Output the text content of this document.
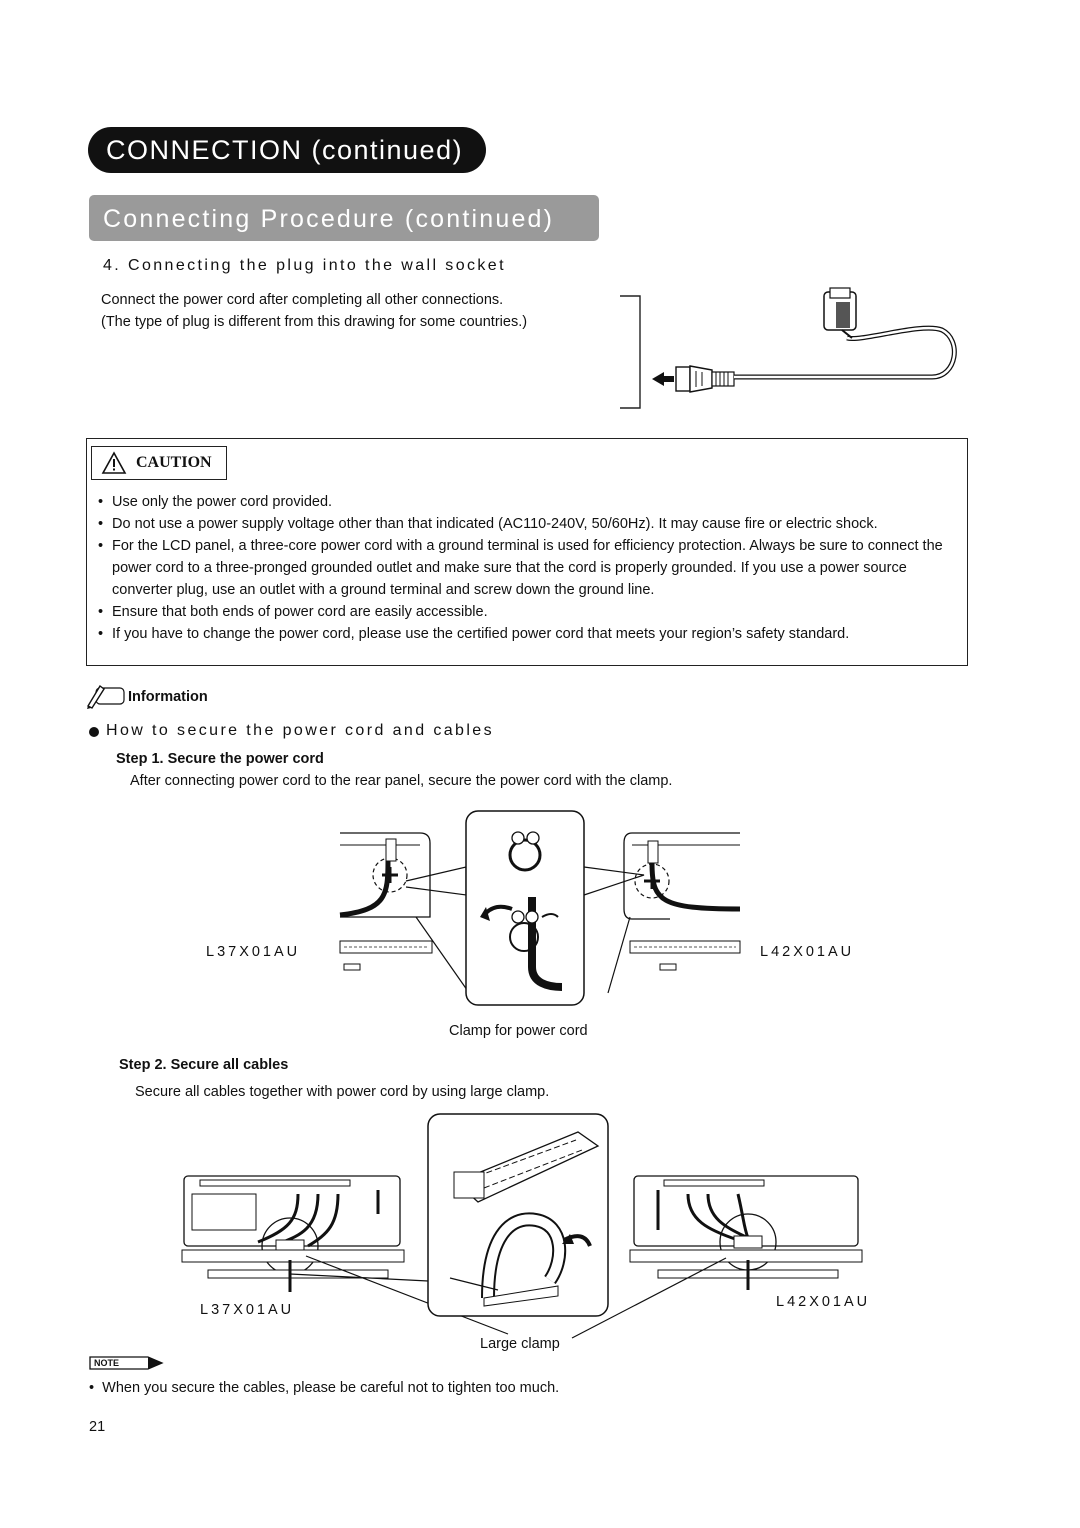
CONNECTION (continued)
Connecting Procedure (continued)
4. Connecting the plug into the wall socket
Connect the power cord after completing all other connections.
(The type of plug is different from this drawing for some countries.)
CAUTION
• Use only the power cord provided.
• Do not use a power supply voltage other than that indicated (AC110-240V, 50/60Hz). It may cause fire or electric shock.
• For the LCD panel, a three-core power cord with a ground terminal is used for efficiency protection. Always be sure to connect the power cord to a three-pronged grounded outlet and make sure that the cord is properly grounded. If you use a power source converter plug, use an outlet with a ground terminal and screw down the ground line.
• Ensure that both ends of power cord are easily accessible.
• If you have to change the power cord, please use the certified power cord that meets your region’s safety standard.
Information
How to secure the power cord and cables
Step 1. Secure the power cord
After connecting power cord to the rear panel, secure the power cord with the clamp.
L37X01AU	L42X01AU
Clamp for power cord
Step 2. Secure all cables
Secure all cables together with power cord by using large clamp.
L37X01AU	L42X01AU
Large clamp
NOTE
•  When you secure the cables, please be careful not to tighten too much.
21
